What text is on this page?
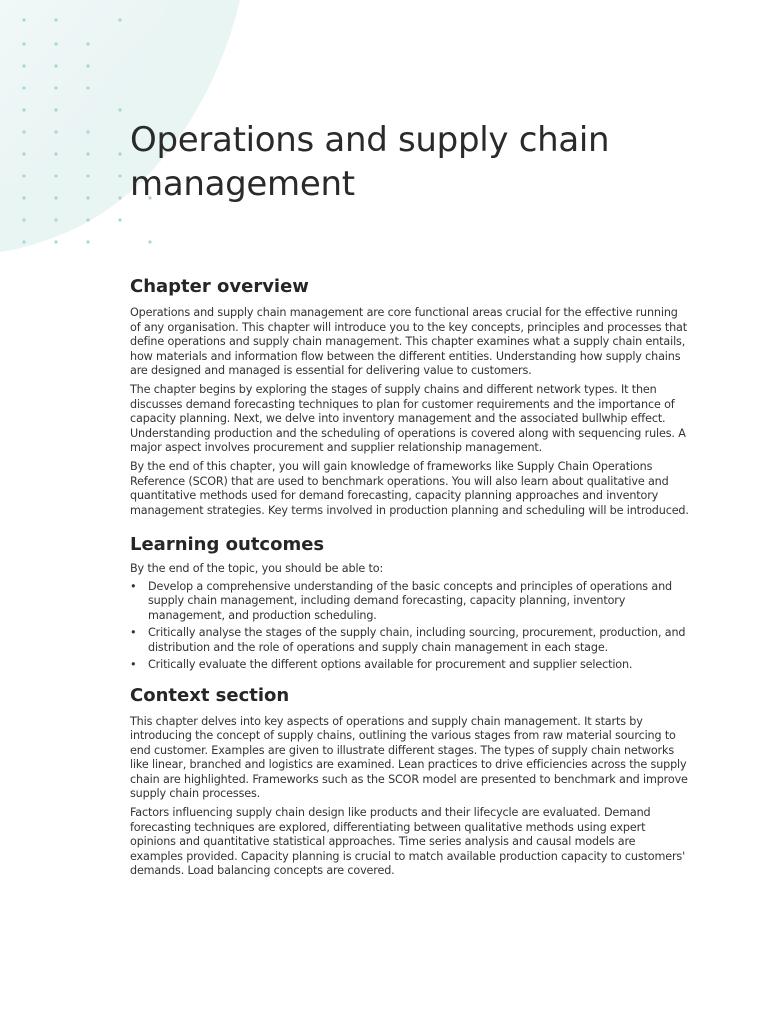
Operations and supply chain
management
Chapter overview

Operations and supply chain management are core functional areas crucial for the effective running of any organisation. This chapter will introduce you to the key concepts, principles and processes that define operations and supply chain management. This chapter examines what a supply chain entails, how materials and information flow between the different entities. Understanding how supply chains are designed and managed is essential for delivering value to customers.

The chapter begins by exploring the stages of supply chains and different network types. It then discusses demand forecasting techniques to plan for customer requirements and the importance of capacity planning. Next, we delve into inventory management and the associated bullwhip effect. Understanding production and the scheduling of operations is covered along with sequencing rules. A major aspect involves procurement and supplier relationship management.

By the end of this chapter, you will gain knowledge of frameworks like Supply Chain Operations Reference (SCOR) that are used to benchmark operations. You will also learn about qualitative and quantitative methods used for demand forecasting, capacity planning approaches and inventory management strategies. Key terms involved in production planning and scheduling will be introduced.

Learning outcomes

By the end of the topic, you should be able to:

• Develop a comprehensive understanding of the basic concepts and principles of operations and supply chain management, including demand forecasting, capacity planning, inventory management, and production scheduling.
• Critically analyse the stages of the supply chain, including sourcing, procurement, production, and distribution and the role of operations and supply chain management in each stage.
• Critically evaluate the different options available for procurement and supplier selection.
Context section

This chapter delves into key aspects of operations and supply chain management. It starts by introducing the concept of supply chains, outlining the various stages from raw material sourcing to end customer. Examples are given to illustrate different stages. The types of supply chain networks like linear, branched and logistics are examined. Lean practices to drive efficiencies across the supply chain are highlighted. Frameworks such as the SCOR model are presented to benchmark and improve supply chain processes.

Factors influencing supply chain design like products and their lifecycle are evaluated. Demand forecasting techniques are explored, differentiating between qualitative methods using expert opinions and quantitative statistical approaches. Time series analysis and causal models are examples provided. Capacity planning is crucial to match available production capacity to customers' demands. Load balancing concepts are covered.
